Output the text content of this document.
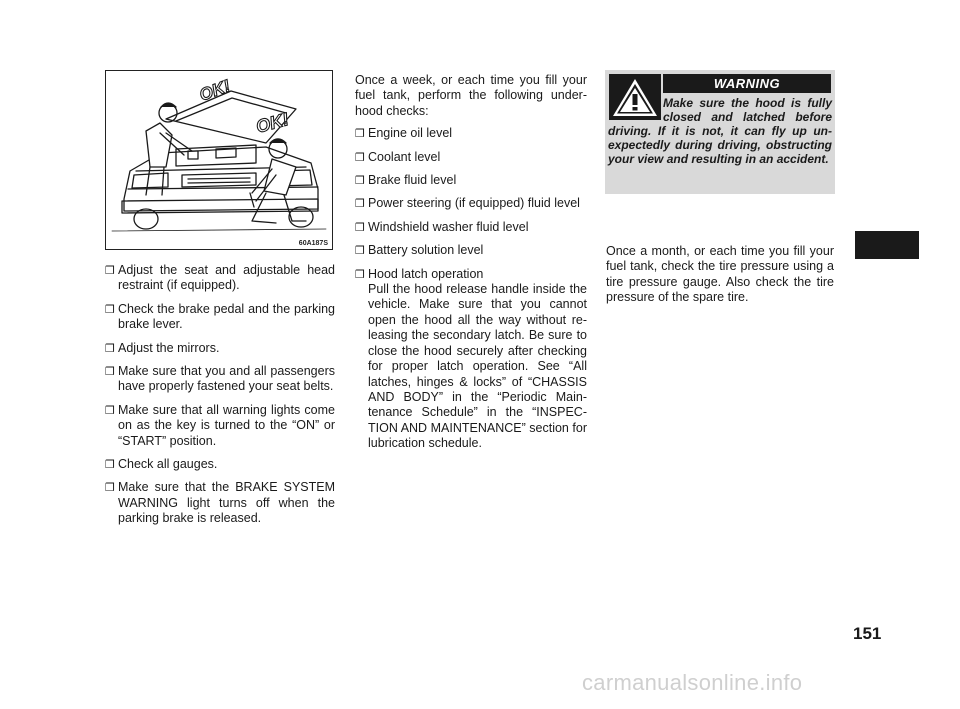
OK!
OK!
60A187S
❒ Adjust the seat and adjustable head restraint (if equipped).
❒ Check the brake pedal and the parking brake lever.
❒ Adjust the mirrors.
❒ Make sure that you and all passengers have properly fastened your seat belts.
❒ Make sure that all warning lights come on as the key is turned to the “ON” or “START” position.
❒ Check all gauges.
❒ Make sure that the BRAKE SYSTEM WARNING light turns off when the parking brake is released.

Once a week, or each time you fill your fuel tank, perform the following underhood checks:

❒ Engine oil level
❒ Coolant level
❒ Brake fluid level
❒ Power steering (if equipped) fluid level
❒ Windshield washer fluid level
❒ Battery solution level
❒ Hood latch operation
Pull the hood release handle inside the vehicle. Make sure that you cannot open the hood all the way without releasing the secondary latch. Be sure to close the hood securely after checking for proper latch operation. See “All latches, hinges & locks” of “CHASSIS AND BODY” in the “Periodic Maintenance Schedule” in the “INSPECTION AND MAINTENANCE” section for lubrication schedule.
WARNING
Make sure the hood is fully closed and latched before driving. If it is not, it can fly up unexpectedly during driving, obstructing your view and resulting in an accident.

Once a month, or each time you fill your fuel tank, check the tire pressure using a tire pressure gauge. Also check the tire pressure of the spare tire.

151
carmanualsonline.info
